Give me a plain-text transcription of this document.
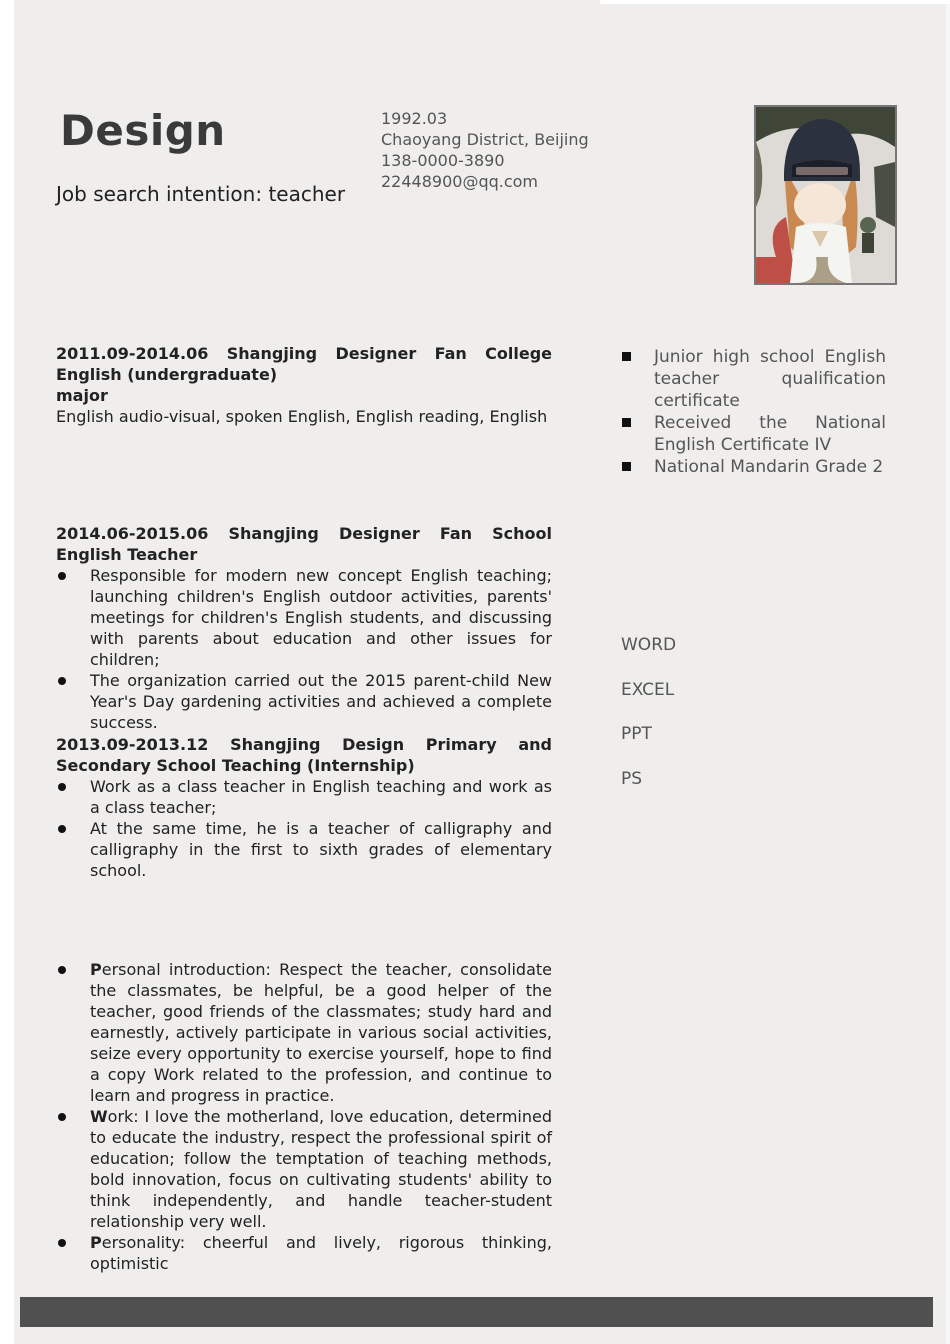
Design
Job search intention: teacher
1992.03
Chaoyang District, Beijing
138-0000-3890
22448900@qq.com
2011.09-2014.06 Shangjing Designer Fan College English (undergraduate)
major
English audio-visual, spoken English, English reading, English
2014.06-2015.06 Shangjing Designer Fan School English Teacher
Responsible for modern new concept English teaching; launching children's English outdoor activities, parents' meetings for children's English students, and discussing with parents about education and other issues for children;
The organization carried out the 2015 parent-child New Year's Day gardening activities and achieved a complete success.
2013.09-2013.12 Shangjing Design Primary and Secondary School Teaching (Internship)
Work as a class teacher in English teaching and work as a class teacher;
At the same time, he is a teacher of calligraphy and calligraphy in the first to sixth grades of elementary school.
Personal introduction: Respect the teacher, consolidate the classmates, be helpful, be a good helper of the teacher, good friends of the classmates; study hard and earnestly, actively participate in various social activities, seize every opportunity to exercise yourself, hope to find a copy Work related to the profession, and continue to learn and progress in practice.
Work: I love the motherland, love education, determined to educate the industry, respect the professional spirit of education; follow the temptation of teaching methods, bold innovation, focus on cultivating students' ability to think independently, and handle teacher-student relationship very well.
Personality: cheerful and lively, rigorous thinking, optimistic
Junior high school English teacher qualification certificate
Received the National English Certificate IV
National Mandarin Grade 2
WORD
EXCEL
PPT
PS
